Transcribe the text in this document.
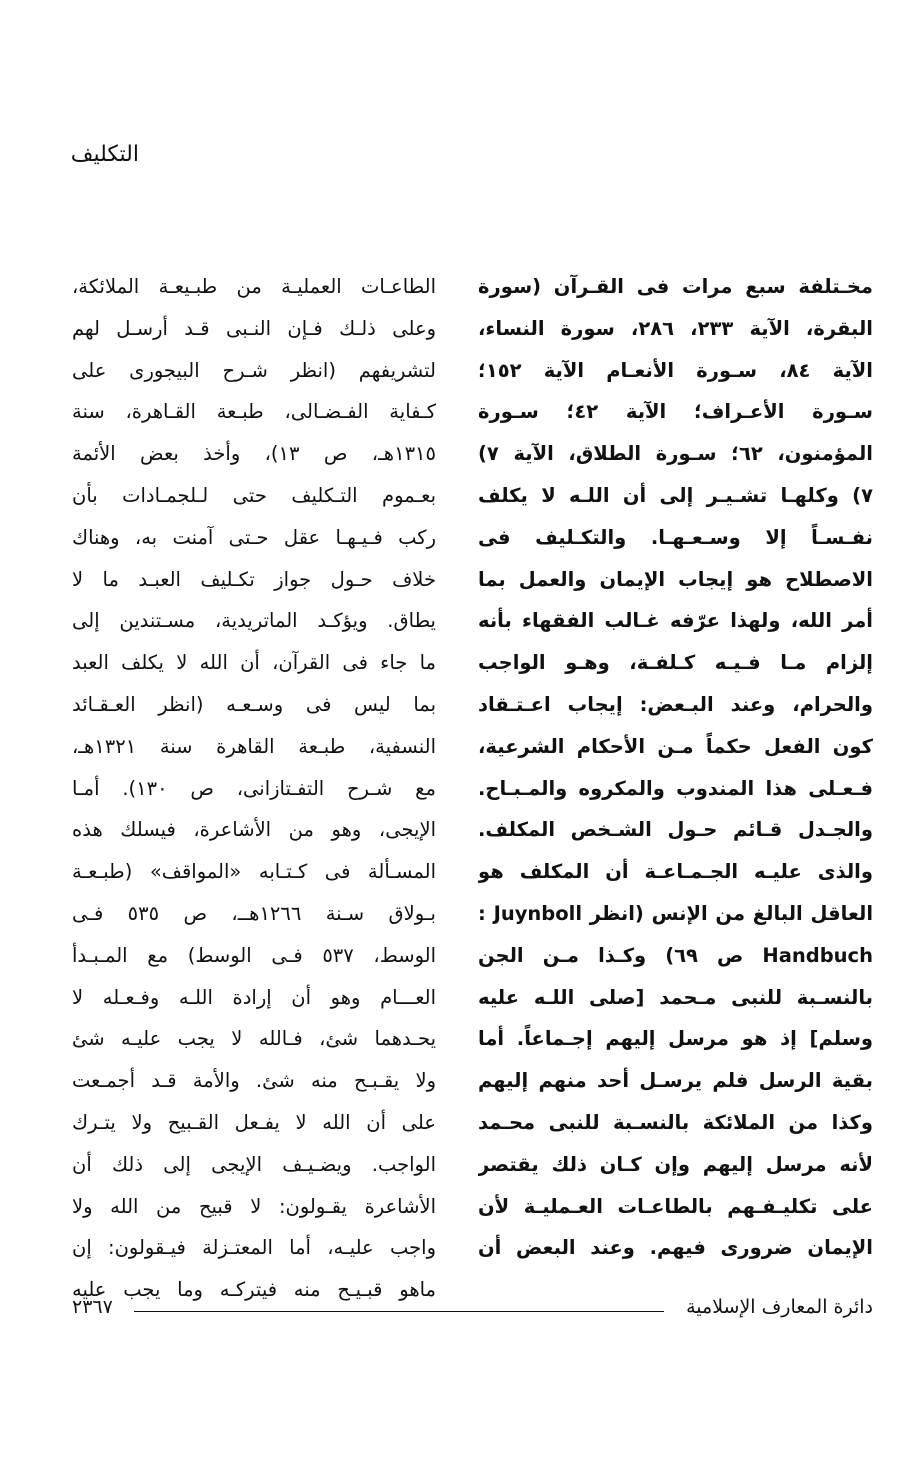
التكليف
مخـتلفة سبع مرات فى القـرآن (سورة
البقرة، الآية ٢٣٣، ٢٨٦، سورة النساء،
الآية ٨٤، سـورة الأنعـام الآية ١٥٢؛
سـورة الأعـراف؛ الآية ٤٢؛ سـورة
المؤمنون، ٦٢؛ سـورة الطلاق، الآية ٧)
٧) وكلهـا تشـيـر إلى أن اللـه لا يكلف
نفـسـاً إلا وسـعـهـا. والتكـليف فى
الاصطلاح هو إيجاب الإيمان والعمل بما
أمر الله، ولهذا عرّفه غـالب الفقهاء بأنه
إلزام مـا فـيـه كـلفـة، وهـو الواجب
والحرام، وعند البـعض: إيجاب اعـتـقاد
كون الفعل حكماً مـن الأحكام الشرعية،
فـعـلى هذا المندوب والمكروه والمـبـاح.
والجـدل قـائم حـول الشـخص المكلف.
والذى عليـه الجـمـاعـة أن المكلف هو
العاقل البالغ من الإنس (انظر Juynboll :
Handbuch ص ٦٩) وكـذا مـن الجن
بالنسـبة للنبى مـحمد [صلى اللـه عليه
وسلم] إذ هو مرسل إليهم إجـماعاً. أما
بقية الرسل فلم يرسـل أحد منهم إليهم
وكذا من الملائكة بالنسـبة للنبى محـمد
لأنه مرسل إليهم وإن كـان ذلك يقتصر
على تكليـفـهم بالطاعـات العـمليـة لأن
الإيمان ضرورى فيهم. وعند البعض أن
الطاعـات العمليـة من طبـيعـة الملائكة،
وعلى ذلـك فـإن النـبى قـد أرسـل لهم
لتشريفهم (انظر شـرح البيجورى على
كـفاية الفـضـالى، طبـعة القـاهرة، سنة
١٣١٥هـ، ص ١٣)، وأخذ بعض الأئمة
بعـموم التـكليف حتى لـلجمـادات بأن
ركب فـيـهـا عقل حـتى آمنت به، وهناك
خلاف حـول جواز تكـليف العبـد ما لا
يطاق. ويؤكـد الماتريدية، مسـتندين إلى
ما جاء فى القرآن، أن الله لا يكلف العبد
بما ليس فى وسـعـه (انظر العـقـائد
النسفية، طبـعة القاهرة سنة ١٣٢١هـ،
مع شـرح التفـتازانى، ص ١٣٠). أمـا
الإيجى، وهو من الأشاعرة، فيسلك هذه
المسـألة فى كـتـابه «المواقف» (طبـعـة
بـولاق سـنة ١٢٦٦هــ، ص ٥٣٥ فـى
الوسط، ٥٣٧ فـى الوسط) مع المـبـدأ
العـــام وهو أن إرادة اللـه وفـعـله لا
يحـدهما شئ، فـالله لا يجب عليـه شئ
ولا يقـبـح منه شئ. والأمة قـد أجمـعت
على أن الله لا يفـعل القـبيح ولا يتـرك
الواجب. ويضـيـف الإيجى إلى ذلك أن
الأشاعرة يقـولون: لا قبيح من الله ولا
واجب عليـه، أما المعتـزلة فيـقولون: إن
ماهو قبـيـح منه فيتركـه وما يجب عليه
دائرة المعارف الإسلامية
٢٣٦٧
